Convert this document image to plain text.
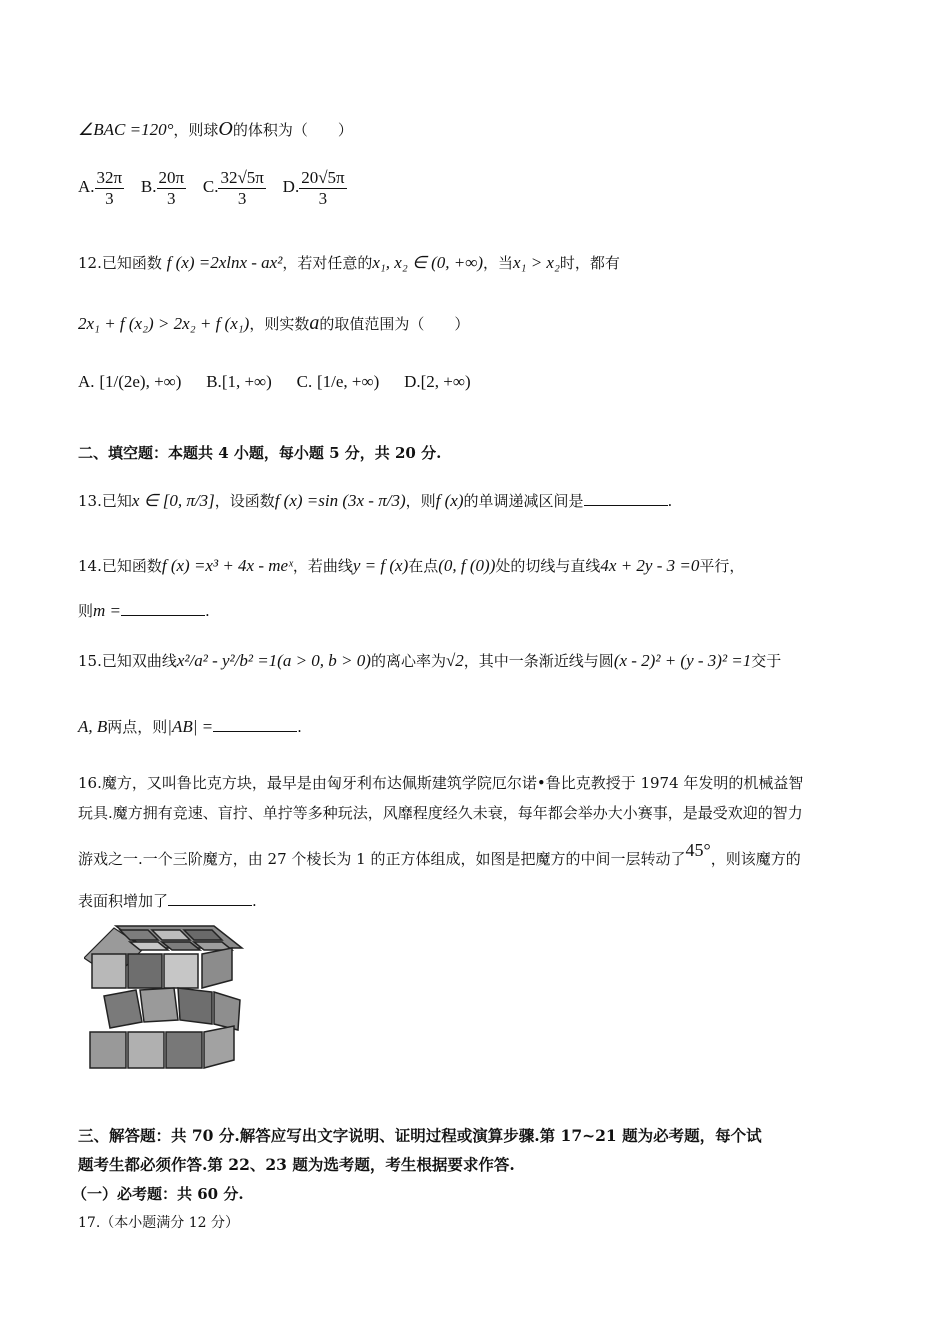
∠BAC =120°，则球O的体积为（　　）
A. $\frac{32\pi}{3} B$. $\frac{20\pi}{3} C$. $\frac{32√5\pi}{3} D$. $\frac{20√5\pi}{3}$
12.已知函数 f (x) =2xlnx - ax²，若对任意的x₁, x₂ ∈ (0, +∞)，当x₁ > x₂时，都有
2x₁ + f (x₂) > 2x₂ + f (x₁)，则实数a的取值范围为（　　）
A. [1/(2e), +∞) B.[1, +∞) C. [1/e, +∞) D.[2, +∞)
二、填空题：本题共 4 小题，每小题 5 分，共 20 分.
13.已知x ∈ [0, π/3]，设函数f (x) =sin (3x - π/3)，则f (x)的单调递减区间是	.
14.已知函数f (x) =x³ + 4x - meˣ，若曲线y = f (x)在点(0, f (0))处的切线与直线4x + 2y - 3 =0平行，
则m =	.
15.已知双曲线x²/a² - y²/b² =1(a > 0, b > 0)的离心率为√2，其中一条渐近线与圆(x - 2)² + (y - 3)² =1交于
A, B两点，则|AB| =	.
16.魔方，又叫鲁比克方块，最早是由匈牙利布达佩斯建筑学院厄尔诺•鲁比克教授于 1974 年发明的机械益智
玩具.魔方拥有竞速、盲拧、单拧等多种玩法，风靡程度经久未衰，每年都会举办大小赛事，是最受欢迎的智力
游戏之一.一个三阶魔方，由 27 个棱长为 1 的正方体组成，如图是把魔方的中间一层转动了45°，则该魔方的
表面积增加了	.
三、解答题：共 70 分.解答应写出文字说明、证明过程或演算步骤.第 17~21 题为必考题，每个试
题考生都必须作答.第 22、23 题为选考题，考生根据要求作答.
（一）必考题：共 60 分.
17.（本小题满分 12 分）
